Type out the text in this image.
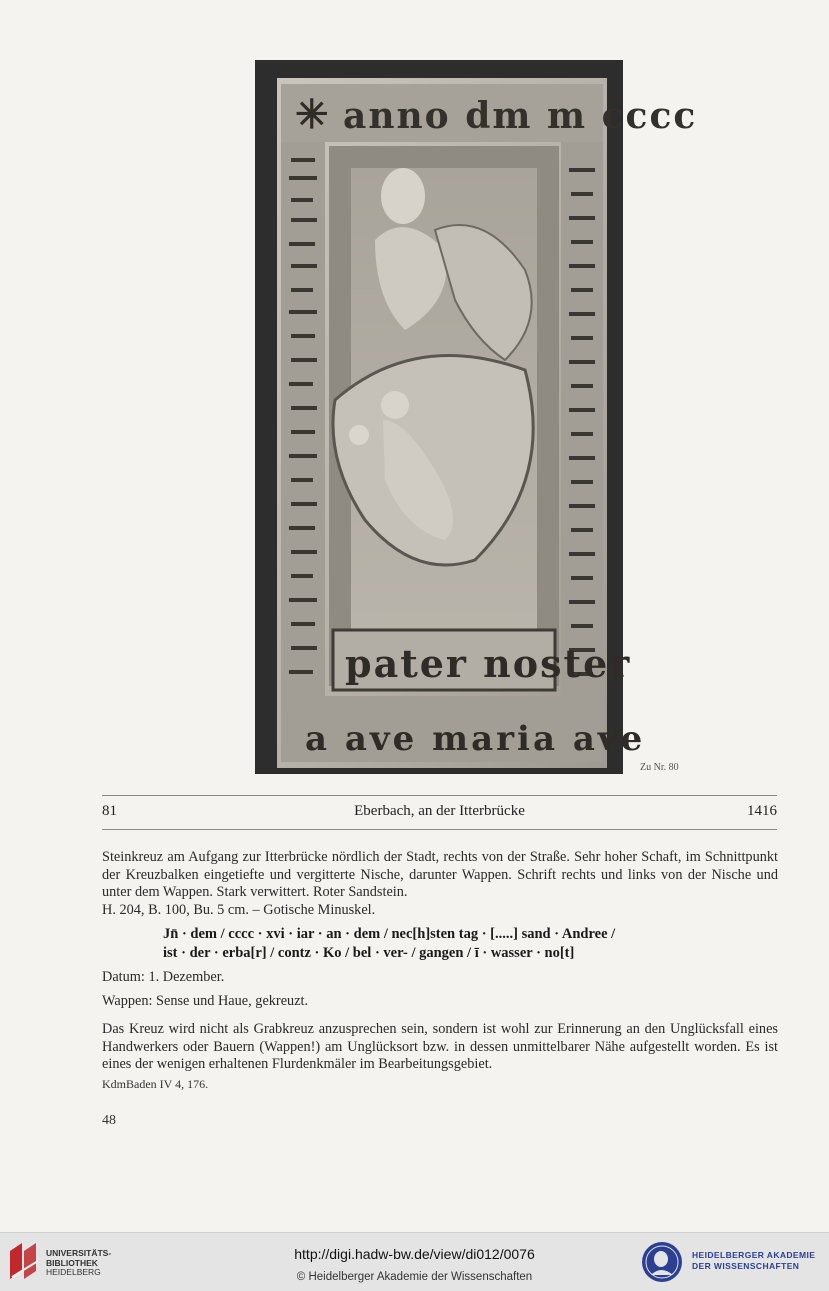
✳ anno dm m cccc
pater noster
a ave maria ave
Zu Nr. 80
81	Eberbach, an der Itterbrücke	1416
Steinkreuz am Aufgang zur Itterbrücke nördlich der Stadt, rechts von der Straße. Sehr hoher Schaft, im Schnittpunkt der Kreuzbalken eingetiefte und vergitterte Nische, darunter Wappen. Schrift rechts und links von der Nische und unter dem Wappen. Stark verwittert. Roter Sandstein.
H. 204, B. 100, Bu. 5 cm. – Gotische Minuskel.
Jn̄ · dem / cccc · xvi · iar · an · dem / nec[h]sten tag · [.....] sand · Andree /
ist · der · erba[r] / contz · Ko / bel · ver- / gangen / ī · wasser · no[t]
Datum: 1. Dezember.
Wappen: Sense und Haue, gekreuzt.
Das Kreuz wird nicht als Grabkreuz anzusprechen sein, sondern ist wohl zur Erinnerung an den Unglücksfall eines Handwerkers oder Bauern (Wappen!) am Unglücksort bzw. in dessen unmittelbarer Nähe aufgestellt worden. Es ist eines der wenigen erhaltenen Flurdenkmäler im Bearbeitungsgebiet.
KdmBaden IV 4, 176.
48
UNIVERSITÄTS-
BIBLIOTHEK
HEIDELBERG
http://digi.hadw-bw.de/view/di012/0076
© Heidelberger Akademie der Wissenschaften
HEIDELBERGER AKADEMIE
DER WISSENSCHAFTEN
